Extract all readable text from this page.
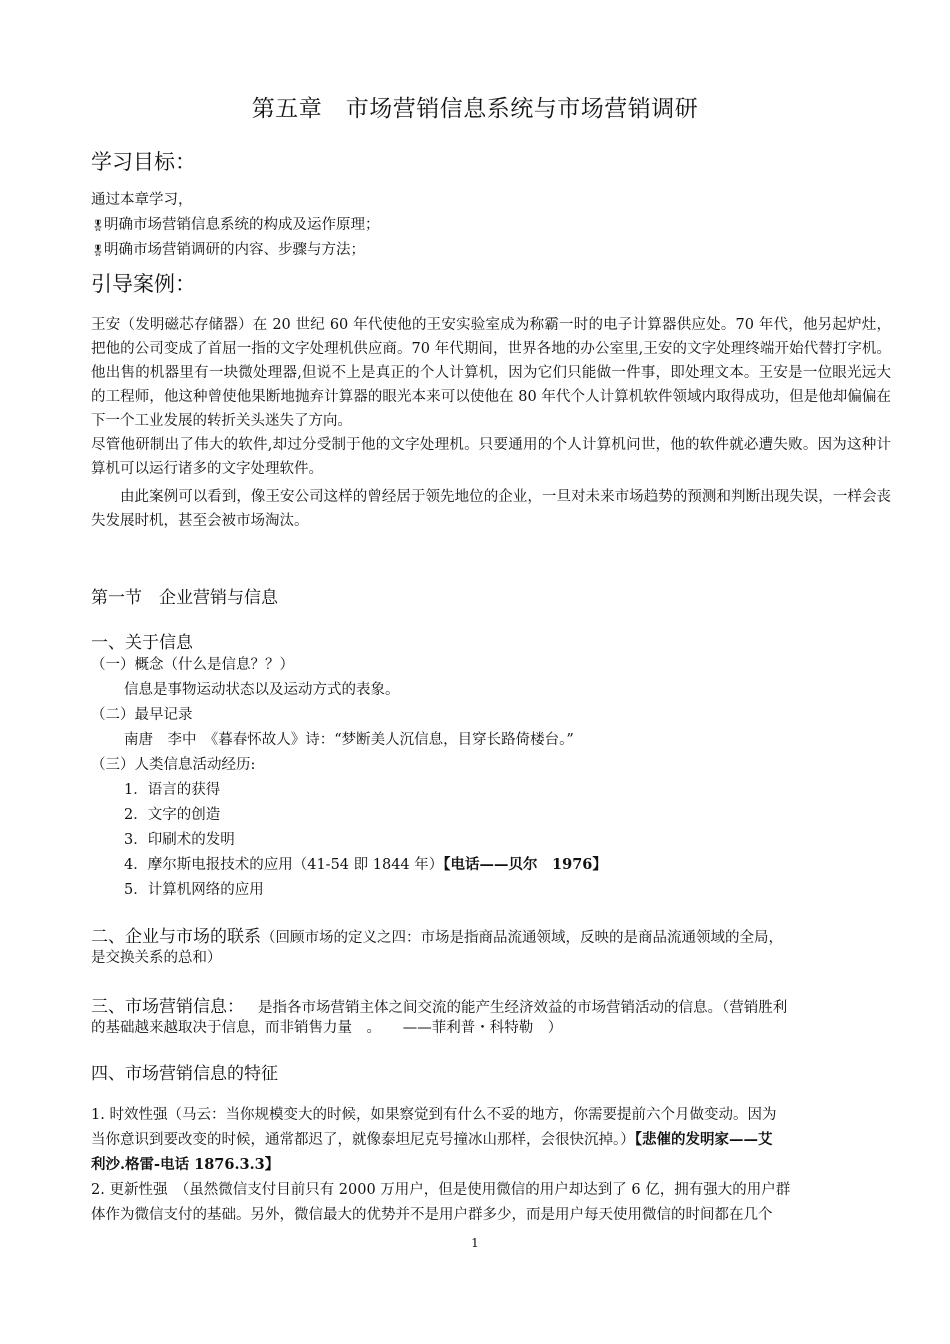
第五章　市场营销信息系统与市场营销调研
学习目标：
通过本章学习，
🎖明确市场营销信息系统的构成及运作原理；
🎖明确市场营销调研的内容、步骤与方法；
引导案例：
王安（发明磁芯存储器）在 20 世纪 60 年代使他的王安实验室成为称霸一时的电子计算器供应处。70 年代，他另起炉灶，把他的公司变成了首屈一指的文字处理机供应商。70 年代期间，世界各地的办公室里,王安的文字处理终端开始代替打字机。他出售的机器里有一块微处理器,但说不上是真正的个人计算机，因为它们只能做一件事，即处理文本。王安是一位眼光远大的工程师，他这种曾使他果断地抛弃计算器的眼光本来可以使他在 80 年代个人计算机软件领域内取得成功，但是他却偏偏在下一个工业发展的转折关头迷失了方向。
尽管他研制出了伟大的软件,却过分受制于他的文字处理机。只要通用的个人计算机问世，他的软件就必遭失败。因为这种计算机可以运行诸多的文字处理软件。
由此案例可以看到，像王安公司这样的曾经居于领先地位的企业，一旦对未来市场趋势的预测和判断出现失误，一样会丧失发展时机，甚至会被市场淘汰。
第一节　企业营销与信息
一、关于信息
（一）概念（什么是信息？？）
信息是事物运动状态以及运动方式的表象。
（二）最早记录
南唐　李中　《暮春怀故人》诗：“梦断美人沉信息，目穿长路倚楼台。”
（三）人类信息活动经历:
1．语言的获得
2．文字的创造
3．印刷术的发明
4．摩尔斯电报技术的应用（41-54 即 1844 年）【电话——贝尔　1976】
5．计算机网络的应用
二、企业与市场的联系（回顾市场的定义之四：市场是指商品流通领域，反映的是商品流通领域的全局，
是交换关系的总和）
三、市场营销信息： 是指各市场营销主体之间交流的能产生经济效益的市场营销活动的信息。（营销胜利
的基础越来越取决于信息，而非销售力量　。　　——菲利普・科特勒　）
四、市场营销信息的特征
1. 时效性强（马云：当你规模变大的时候，如果察觉到有什么不妥的地方，你需要提前六个月做变动。因为
当你意识到要改变的时候，通常都迟了，就像泰坦尼克号撞冰山那样，会很快沉掉。）【悲催的发明家——艾
利沙.格雷-电话 1876.3.3】
2. 更新性强　（虽然微信支付目前只有 2000 万用户，但是使用微信的用户却达到了 6 亿，拥有强大的用户群
体作为微信支付的基础。另外，微信最大的优势并不是用户群多少，而是用户每天使用微信的时间都在几个
1
